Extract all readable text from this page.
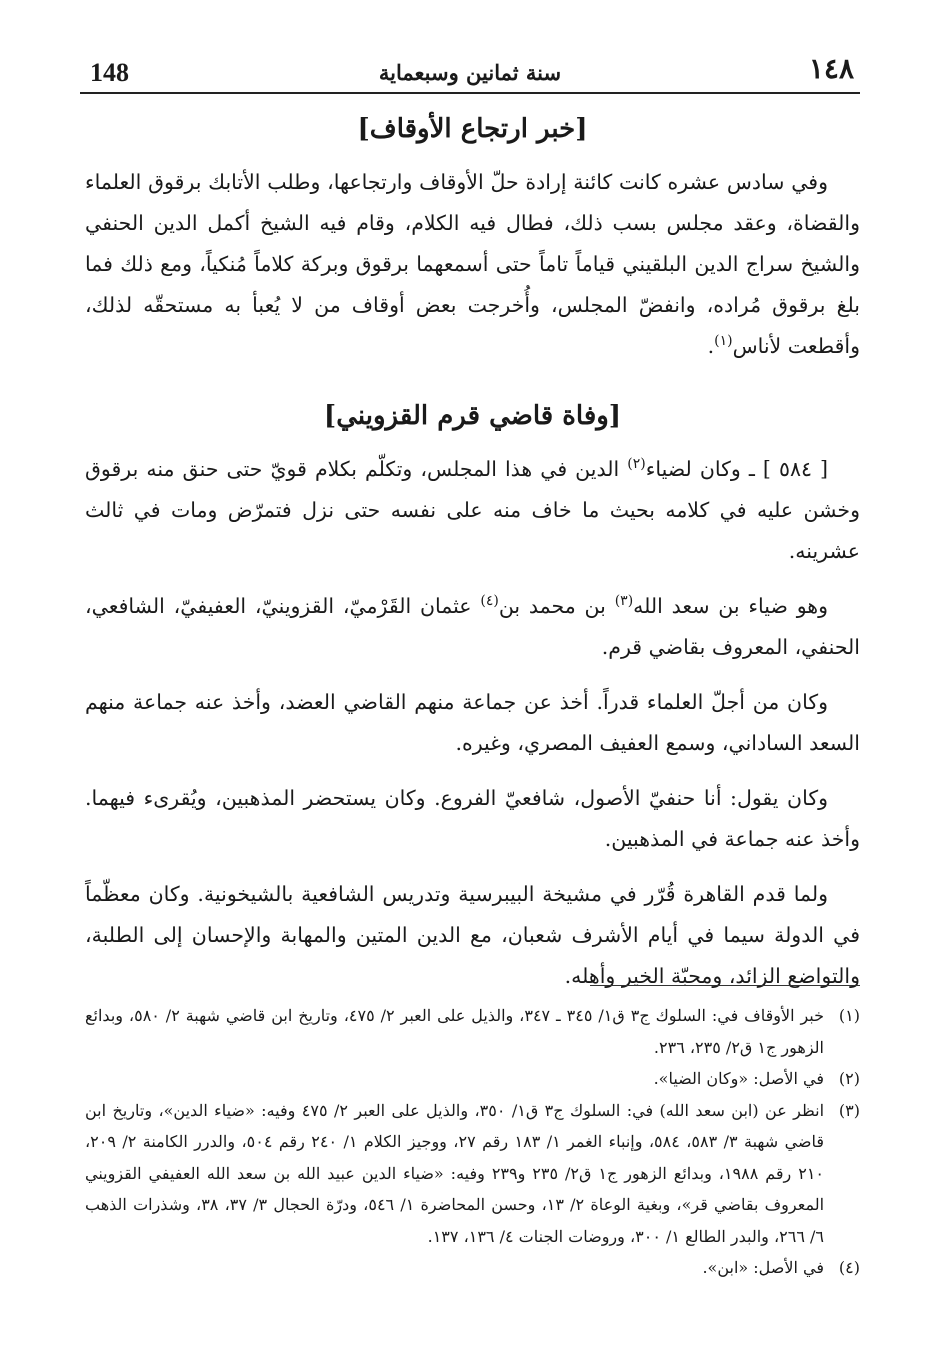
148	سنة ثمانين وسبعماية	١٤٨
[خبر ارتجاع الأوقاف]

وفي سادس عشره كانت كائنة إرادة حلّ الأوقاف وارتجاعها، وطلب الأتابك برقوق العلماء والقضاة، وعقد مجلس بسب ذلك، فطال فيه الكلام، وقام فيه الشيخ أكمل الدين الحنفي والشيخ سراج الدين البلقيني قياماً تاماً حتى أسمعهما برقوق وبركة كلاماً مُنكياً، ومع ذلك فما بلغ برقوق مُراده، وانفضّ المجلس، وأُخرجت بعض أوقاف من لا يُعبأ به مستحقّه لذلك، وأقطعت لأناس$^{(١)}$.

[وفاة قاضي قرم القزويني]

[ ٥٨٤ ] ـ وكان لضياء$^{(٢)}$ الدين في هذا المجلس، وتكلّم بكلام قويّ حتى حنق منه برقوق وخشن عليه في كلامه بحيث ما خاف منه على نفسه حتى نزل فتمرّض ومات في ثالث عشرينه.

وهو ضياء بن سعد الله$^{(٣)}$ بن محمد بن$^{(٤)}$ عثمان القَرْميّ، القزوينيّ، العفيفيّ، الشافعي، الحنفي، المعروف بقاضي قرم.

وكان من أجلّ العلماء قدراً. أخذ عن جماعة منهم القاضي العضد، وأخذ عنه جماعة منهم السعد الساداني، وسمع العفيف المصري، وغيره.

وكان يقول: أنا حنفيّ الأصول، شافعيّ الفروع. وكان يستحضر المذهبين، ويُقرىء فيهما. وأخذ عنه جماعة في المذهبين.

ولما قدم القاهرة قُرّر في مشيخة البيبرسية وتدريس الشافعية بالشيخونية. وكان معظّماً في الدولة سيما في أيام الأشرف شعبان، مع الدين المتين والمهابة والإحسان إلى الطلبة، والتواضع الزائد، ومحبّة الخير وأهله.

(١)
خبر الأوقاف في: السلوك ج٣ ق١/ ٣٤٥ ـ ٣٤٧، والذيل على العبر ٢/ ٤٧٥، وتاريخ ابن قاضي شهبة ٢/ ٥٨٠، وبدائع الزهور ج١ ق٢/ ٢٣٥، ٢٣٦.

(٢)
في الأصل: «وكان الضيا».

(٣)
انظر عن (ابن سعد الله) في: السلوك ج٣ ق١/ ٣٥٠، والذيل على العبر ٢/ ٤٧٥ وفيه: «ضياء الدين»، وتاريخ ابن قاضي شهبة ٣/ ٥٨٣، ٥٨٤، وإنباء الغمر ١/ ١٨٣ رقم ٢٧، ووجيز الكلام ١/ ٢٤٠ رقم ٥٠٤، والدرر الكامنة ٢/ ٢٠٩، ٢١٠ رقم ١٩٨٨، وبدائع الزهور ج١ ق٢/ ٢٣٥ و٢٣٩ وفيه: «ضياء الدين عبيد الله بن سعد الله العفيفي القزويني المعروف بقاضي قر»، وبغية الوعاة ٢/ ١٣، وحسن المحاضرة ١/ ٥٤٦، ودرّة الحجال ٣/ ٣٧، ٣٨، وشذرات الذهب ٦/ ٢٦٦، والبدر الطالع ١/ ٣٠٠، وروضات الجنات ٤/ ١٣٦، ١٣٧.

(٤)
في الأصل: «ابن».
